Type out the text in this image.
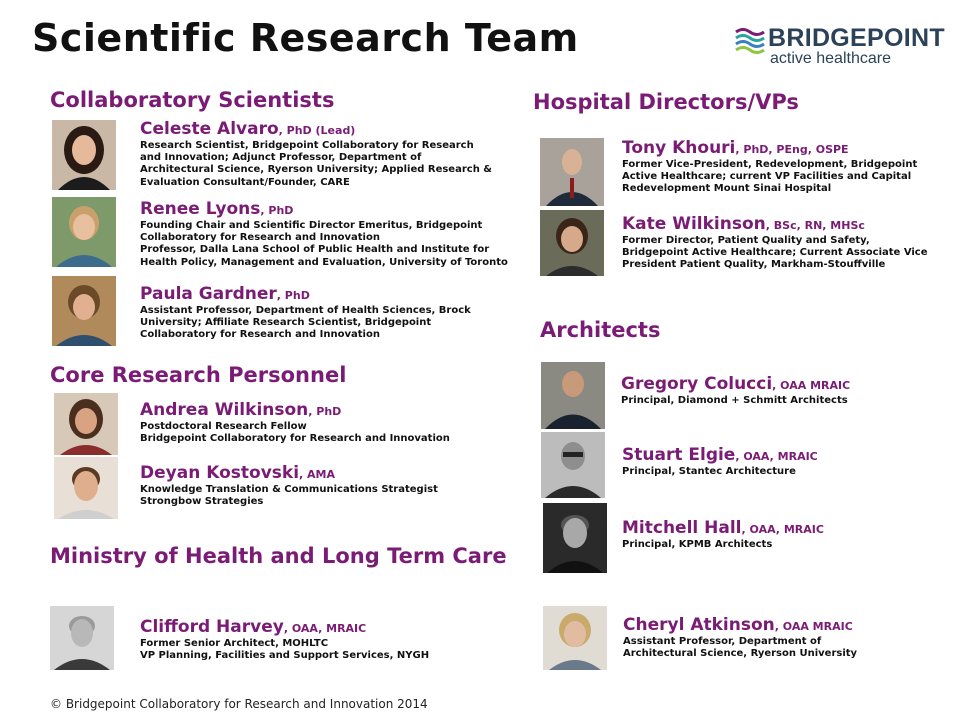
Scientific Research Team	BRIDGEPOINT
active healthcare
Collaboratory Scientists
Core Research Personnel
Ministry of Health and Long Term Care
Hospital Directors/VPs
Architects
Celeste Alvaro, PhD (Lead)
Research Scientist, Bridgepoint Collaboratory for Research
and Innovation; Adjunct Professor, Department of
Architectural Science, Ryerson University; Applied Research &
Evaluation Consultant/Founder, CARE
Renee Lyons, PhD
Founding Chair and Scientific Director Emeritus, Bridgepoint
Collaboratory for Research and Innovation
Professor, Dalla Lana School of Public Health and Institute for
Health Policy, Management and Evaluation, University of Toronto
Paula Gardner, PhD
Assistant Professor, Department of Health Sciences, Brock
University; Affiliate Research Scientist, Bridgepoint
Collaboratory for Research and Innovation
Andrea Wilkinson, PhD
Postdoctoral Research Fellow
Bridgepoint Collaboratory for Research and Innovation
Deyan Kostovski, AMA
Knowledge Translation & Communications Strategist
Strongbow Strategies
Clifford Harvey, OAA, MRAIC
Former Senior Architect, MOHLTC
VP Planning, Facilities and Support Services, NYGH
Tony Khouri, PhD, PEng, OSPE
Former Vice-President, Redevelopment, Bridgepoint
Active Healthcare; current VP Facilities and Capital
Redevelopment Mount Sinai Hospital
Kate Wilkinson, BSc, RN, MHSc
Former Director, Patient Quality and Safety,
Bridgepoint Active Healthcare; Current Associate Vice
President Patient Quality, Markham-Stouffville
Gregory Colucci, OAA MRAIC
Principal, Diamond + Schmitt Architects
Stuart Elgie, OAA, MRAIC
Principal, Stantec Architecture
Mitchell Hall, OAA, MRAIC
Principal, KPMB Architects
Cheryl Atkinson, OAA MRAIC
Assistant Professor, Department of
Architectural Science, Ryerson University
© Bridgepoint Collaboratory for Research and Innovation 2014
